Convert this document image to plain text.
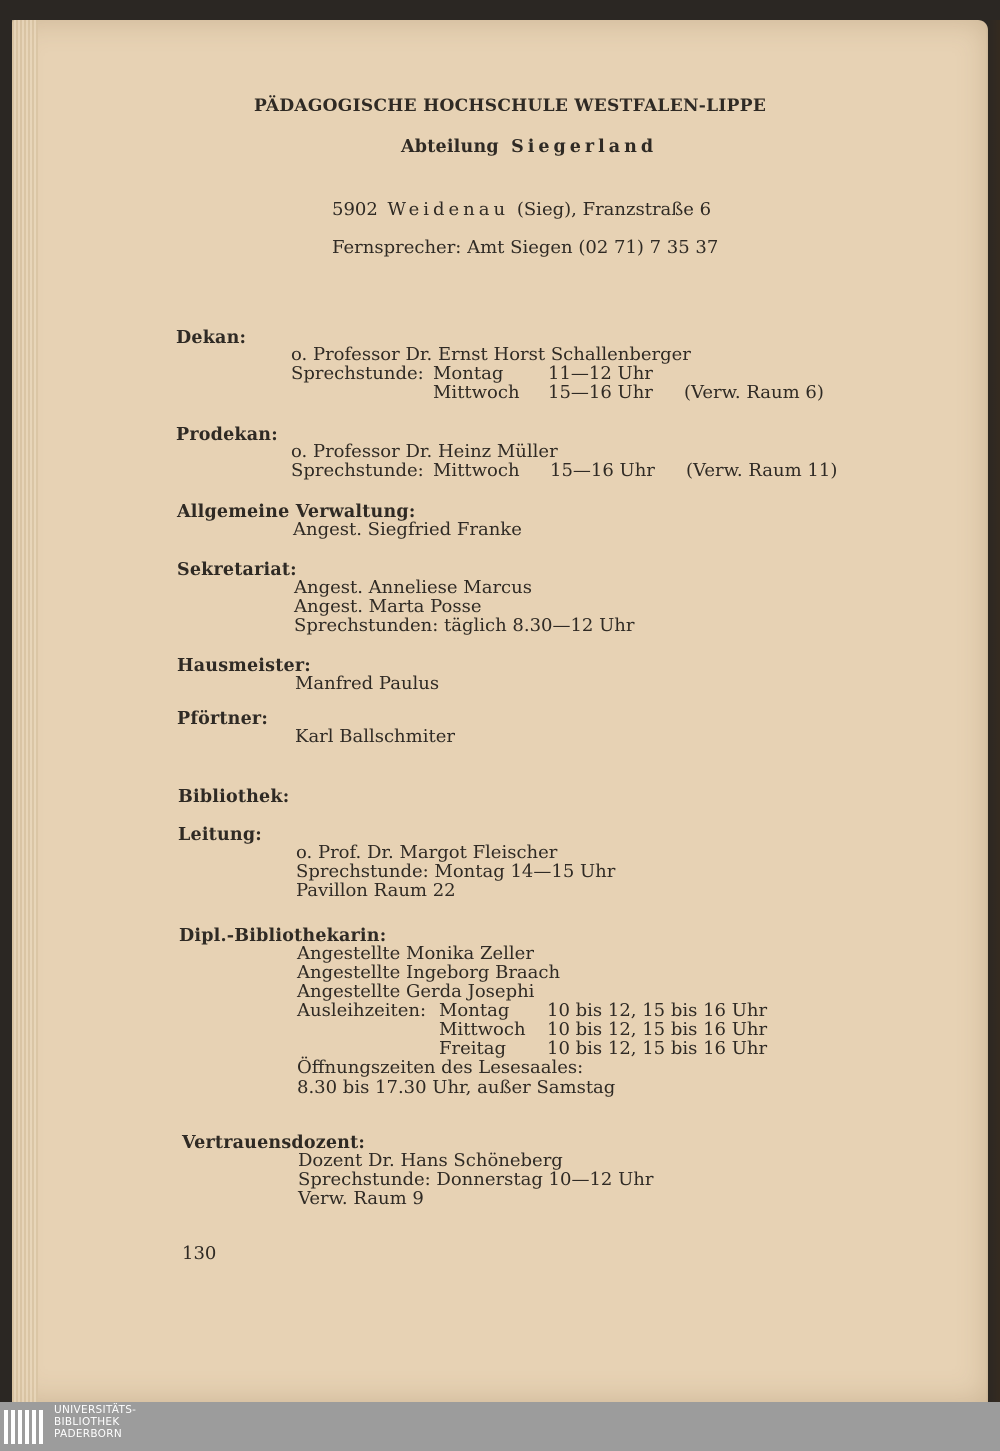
PÄDAGOGISCHE HOCHSCHULE WESTFALEN-LIPPE
Abteilung Siegerland
5902 Weidenau (Sieg), Franzstraße 6
Fernsprecher: Amt Siegen (02 71) 7 35 37
Dekan:
o. Professor Dr. Ernst Horst Schallenberger
Sprechstunde: Montag 11—12 Uhr
Mittwoch 15—16 Uhr (Verw. Raum 6)
Prodekan:
o. Professor Dr. Heinz Müller
Sprechstunde: Mittwoch 15—16 Uhr (Verw. Raum 11)
Allgemeine Verwaltung:
Angest. Siegfried Franke
Sekretariat:
Angest. Anneliese Marcus
Angest. Marta Posse
Sprechstunden: täglich 8.30—12 Uhr
Hausmeister:
Manfred Paulus
Pförtner:
Karl Ballschmiter
Bibliothek:
Leitung:
o. Prof. Dr. Margot Fleischer
Sprechstunde: Montag 14—15 Uhr
Pavillon Raum 22
Dipl.-Bibliothekarin:
Angestellte Monika Zeller
Angestellte Ingeborg Braach
Angestellte Gerda Josephi
Ausleihzeiten: Montag 10 bis 12, 15 bis 16 Uhr
Mittwoch 10 bis 12, 15 bis 16 Uhr
Freitag 10 bis 12, 15 bis 16 Uhr
Öffnungszeiten des Lesesaales:
8.30 bis 17.30 Uhr, außer Samstag
Vertrauensdozent:
Dozent Dr. Hans Schöneberg
Sprechstunde: Donnerstag 10—12 Uhr
Verw. Raum 9
130
UNIVERSITÄTS-
BIBLIOTHEK
PADERBORN
